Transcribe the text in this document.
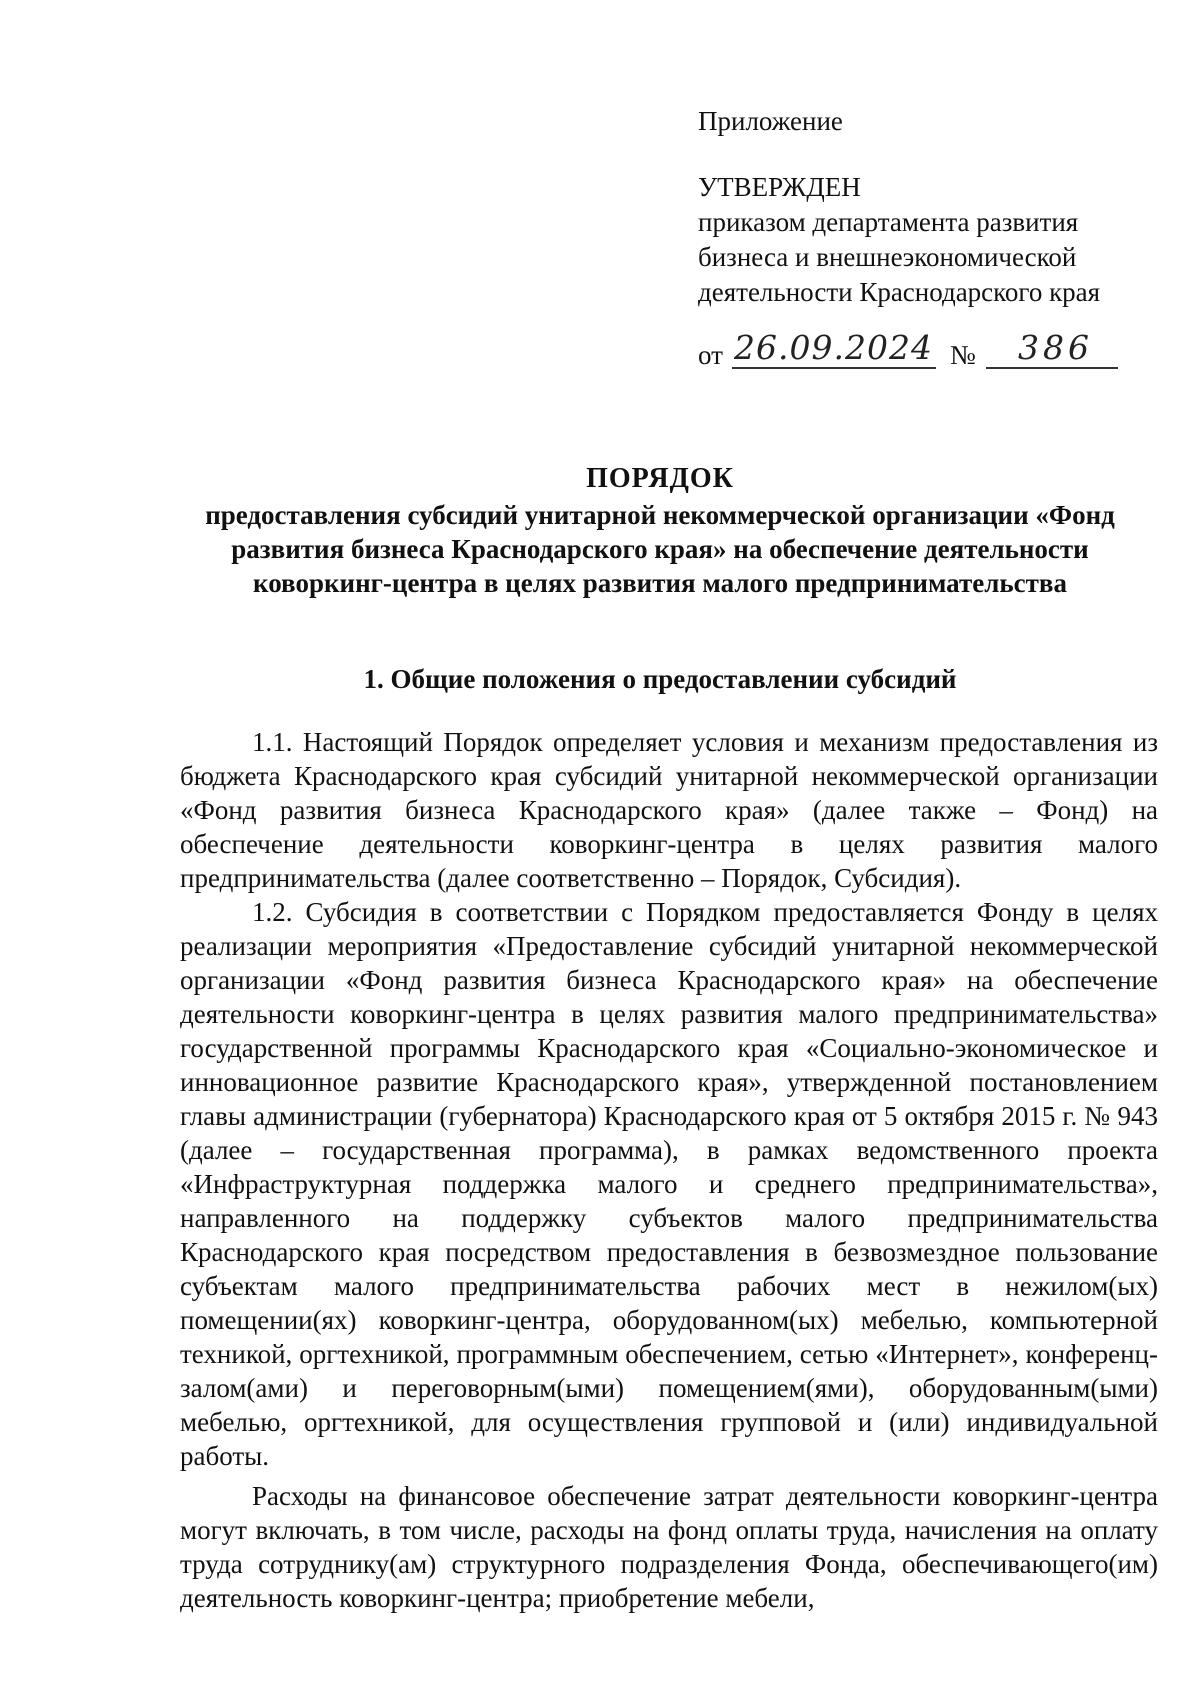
Приложение

УТВЕРЖДЕН

приказом департамента развития бизнеса и внешнеэкономической деятельности Краснодарского края

от 26.09.2024 № 386

ПОРЯДОК

предоставления субсидий унитарной некоммерческой организации «Фонд развития бизнеса Краснодарского края» на обеспечение деятельности коворкинг-центра в целях развития малого предпринимательства

1. Общие положения о предоставлении субсидий

1.1. Настоящий Порядок определяет условия и механизм предоставления из бюджета Краснодарского края субсидий унитарной некоммерческой организации «Фонд развития бизнеса Краснодарского края» (далее также – Фонд) на обеспечение деятельности коворкинг-центра в целях развития малого предпринимательства (далее соответственно – Порядок, Субсидия).

1.2. Субсидия в соответствии с Порядком предоставляется Фонду в целях реализации мероприятия «Предоставление субсидий унитарной некоммерческой организации «Фонд развития бизнеса Краснодарского края» на обеспечение деятельности коворкинг-центра в целях развития малого предпринимательства» государственной программы Краснодарского края «Социально-экономическое и инновационное развитие Краснодарского края», утвержденной постановлением главы администрации (губернатора) Краснодарского края от 5 октября 2015 г. № 943 (далее – государственная программа), в рамках ведомственного проекта «Инфраструктурная поддержка малого и среднего предпринимательства», направленного на поддержку субъектов малого предпринимательства Краснодарского края посредством предоставления в безвозмездное пользование субъектам малого предпринимательства рабочих мест в нежилом(ых) помещении(ях) коворкинг-центра, оборудованном(ых) мебелью, компьютерной техникой, оргтехникой, программным обеспечением, сетью «Интернет», конференц-залом(ами) и переговорным(ыми) помещением(ями), оборудованным(ыми) мебелью, оргтехникой, для осуществления групповой и (или) индивидуальной работы.

Расходы на финансовое обеспечение затрат деятельности коворкинг-центра могут включать, в том числе, расходы на фонд оплаты труда, начисления на оплату труда сотруднику(ам) структурного подразделения Фонда, обеспечивающего(им) деятельность коворкинг-центра; приобретение мебели,
